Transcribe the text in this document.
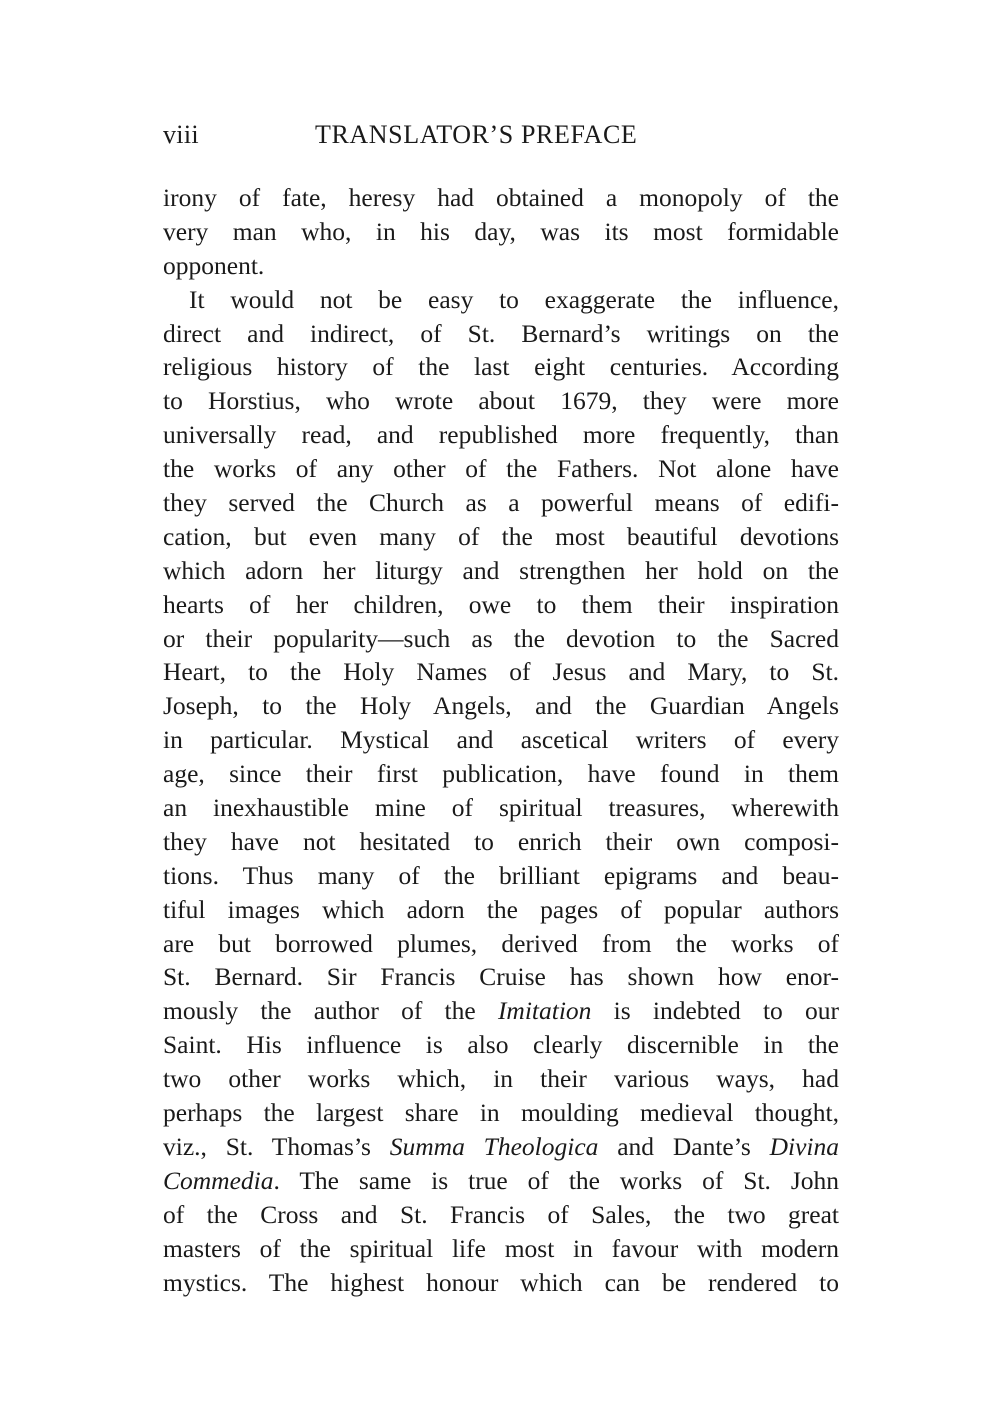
viii	TRANSLATOR’S PREFACE
irony of fate, heresy had obtained a monopoly of the
very man who, in his day, was its most formidable
opponent.
It would not be easy to exaggerate the influence,
direct and indirect, of St. Bernard’s writings on the
religious history of the last eight centuries. According
to Horstius, who wrote about 1679, they were more
universally read, and republished more frequently, than
the works of any other of the Fathers. Not alone have
they served the Church as a powerful means of edifi-
cation, but even many of the most beautiful devotions
which adorn her liturgy and strengthen her hold on the
hearts of her children, owe to them their inspiration
or their popularity—such as the devotion to the Sacred
Heart, to the Holy Names of Jesus and Mary, to St.
Joseph, to the Holy Angels, and the Guardian Angels
in particular. Mystical and ascetical writers of every
age, since their first publication, have found in them
an inexhaustible mine of spiritual treasures, wherewith
they have not hesitated to enrich their own composi-
tions. Thus many of the brilliant epigrams and beau-
tiful images which adorn the pages of popular authors
are but borrowed plumes, derived from the works of
St. Bernard. Sir Francis Cruise has shown how enor-
mously the author of the Imitation is indebted to our
Saint. His influence is also clearly discernible in the
two other works which, in their various ways, had
perhaps the largest share in moulding medieval thought,
viz., St. Thomas’s Summa Theologica and Dante’s Divina
Commedia. The same is true of the works of St. John
of the Cross and St. Francis of Sales, the two great
masters of the spiritual life most in favour with modern
mystics. The highest honour which can be rendered to
